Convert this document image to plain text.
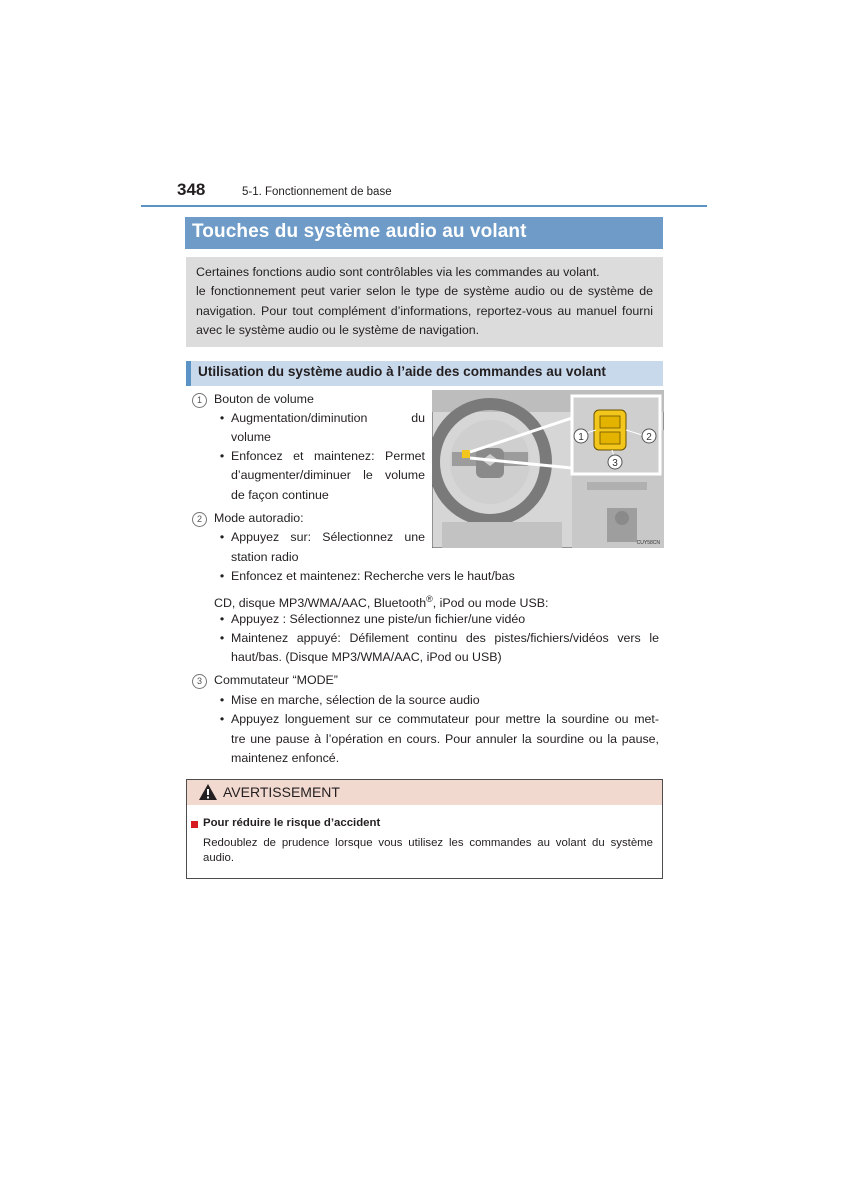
348	5-1. Fonctionnement de base
Touches du système audio au volant

Certaines fonctions audio sont contrôlables via les commandes au volant.

le fonctionnement peut varier selon le type de système audio ou de système de navigation. Pour tout complément d’informations, reportez-vous au manuel fourni avec le système audio ou le système de navigation.

Utilisation du système audio à l’aide des commandes au volant
1	2
3
CUY58CN
1 Bouton de volume
• Augmentation/diminution	du
volume
• Enfoncez et maintenez: Permet
d’augmenter/diminuer le volume
de façon continue
2 Mode autoradio:
• Appuyez sur: Sélectionnez une
station radio
• Enfoncez et maintenez: Recherche vers le haut/bas
CD, disque MP3/WMA/AAC, Bluetooth®, iPod ou mode USB:
• Appuyez : Sélectionnez une piste/un fichier/une vidéo
• Maintenez appuyé: Défilement continu des pistes/fichiers/vidéos vers le
haut/bas. (Disque MP3/WMA/AAC, iPod ou USB)
3 Commutateur “MODE”
• Mise en marche, sélection de la source audio
• Appuyez longuement sur ce commutateur pour mettre la sourdine ou met-
tre une pause à l’opération en cours. Pour annuler la sourdine ou la pause,
maintenez enfoncé.
AVERTISSEMENT
Pour réduire le risque d’accident
Redoublez de prudence lorsque vous utilisez les commandes au volant du système audio.
